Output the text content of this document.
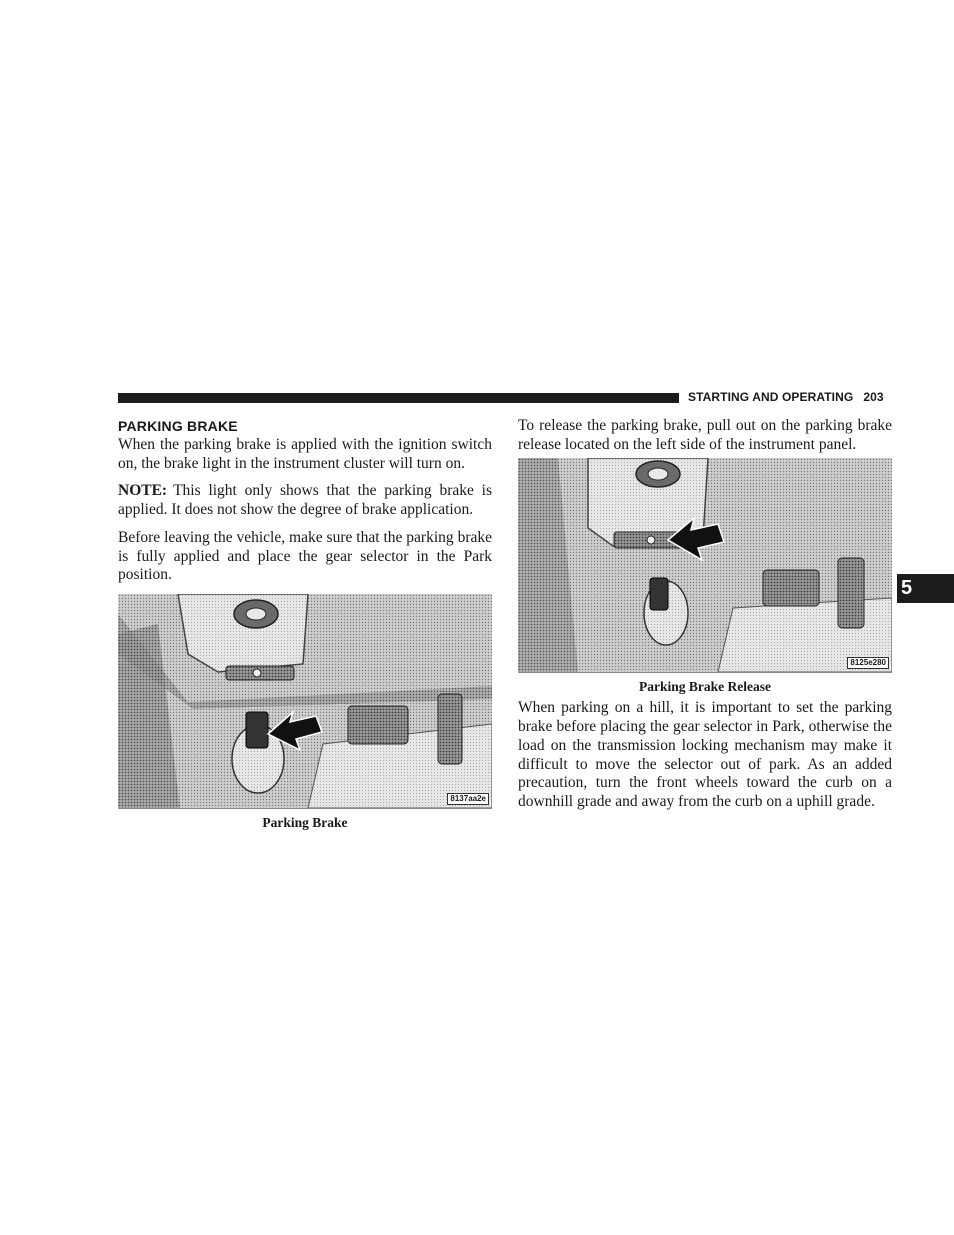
STARTING AND OPERATING 203
5
PARKING BRAKE

When the parking brake is applied with the ignition switch on, the brake light in the instrument cluster will turn on.

NOTE: This light only shows that the parking brake is applied. It does not show the degree of brake application.

Before leaving the vehicle, make sure that the parking brake is fully applied and place the gear selector in the Park position.

8137aa2e
Parking Brake

To release the parking brake, pull out on the parking brake release located on the left side of the instrument panel.

8125e280
Parking Brake Release

When parking on a hill, it is important to set the parking brake before placing the gear selector in Park, otherwise the load on the transmission locking mechanism may make it difficult to move the selector out of park. As an added precaution, turn the front wheels toward the curb on a downhill grade and away from the curb on a uphill grade.
